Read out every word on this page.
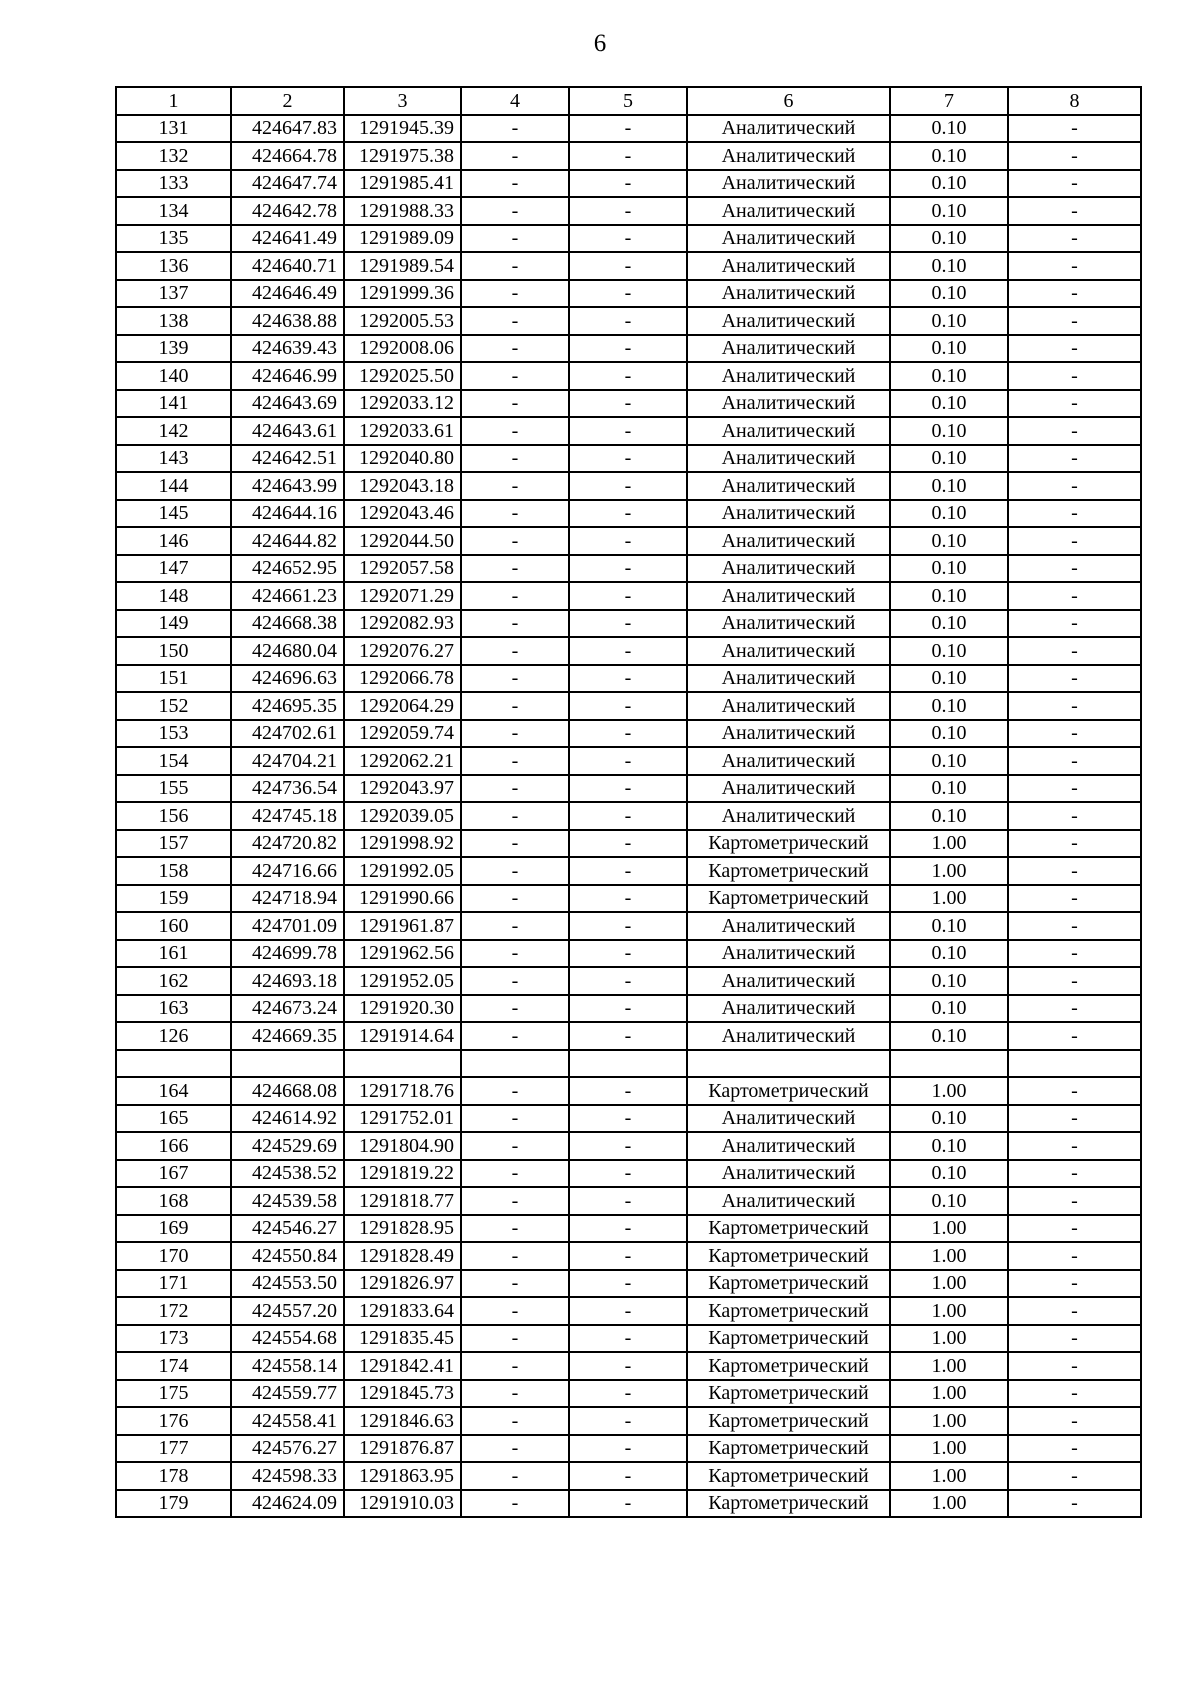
6
1	2	3	4	5	6	7	8
131	424647.83	1291945.39	-	-	Аналитический	0.10	-
132	424664.78	1291975.38	-	-	Аналитический	0.10	-
133	424647.74	1291985.41	-	-	Аналитический	0.10	-
134	424642.78	1291988.33	-	-	Аналитический	0.10	-
135	424641.49	1291989.09	-	-	Аналитический	0.10	-
136	424640.71	1291989.54	-	-	Аналитический	0.10	-
137	424646.49	1291999.36	-	-	Аналитический	0.10	-
138	424638.88	1292005.53	-	-	Аналитический	0.10	-
139	424639.43	1292008.06	-	-	Аналитический	0.10	-
140	424646.99	1292025.50	-	-	Аналитический	0.10	-
141	424643.69	1292033.12	-	-	Аналитический	0.10	-
142	424643.61	1292033.61	-	-	Аналитический	0.10	-
143	424642.51	1292040.80	-	-	Аналитический	0.10	-
144	424643.99	1292043.18	-	-	Аналитический	0.10	-
145	424644.16	1292043.46	-	-	Аналитический	0.10	-
146	424644.82	1292044.50	-	-	Аналитический	0.10	-
147	424652.95	1292057.58	-	-	Аналитический	0.10	-
148	424661.23	1292071.29	-	-	Аналитический	0.10	-
149	424668.38	1292082.93	-	-	Аналитический	0.10	-
150	424680.04	1292076.27	-	-	Аналитический	0.10	-
151	424696.63	1292066.78	-	-	Аналитический	0.10	-
152	424695.35	1292064.29	-	-	Аналитический	0.10	-
153	424702.61	1292059.74	-	-	Аналитический	0.10	-
154	424704.21	1292062.21	-	-	Аналитический	0.10	-
155	424736.54	1292043.97	-	-	Аналитический	0.10	-
156	424745.18	1292039.05	-	-	Аналитический	0.10	-
157	424720.82	1291998.92	-	-	Картометрический	1.00	-
158	424716.66	1291992.05	-	-	Картометрический	1.00	-
159	424718.94	1291990.66	-	-	Картометрический	1.00	-
160	424701.09	1291961.87	-	-	Аналитический	0.10	-
161	424699.78	1291962.56	-	-	Аналитический	0.10	-
162	424693.18	1291952.05	-	-	Аналитический	0.10	-
163	424673.24	1291920.30	-	-	Аналитический	0.10	-
126	424669.35	1291914.64	-	-	Аналитический	0.10	-

164	424668.08	1291718.76	-	-	Картометрический	1.00	-
165	424614.92	1291752.01	-	-	Аналитический	0.10	-
166	424529.69	1291804.90	-	-	Аналитический	0.10	-
167	424538.52	1291819.22	-	-	Аналитический	0.10	-
168	424539.58	1291818.77	-	-	Аналитический	0.10	-
169	424546.27	1291828.95	-	-	Картометрический	1.00	-
170	424550.84	1291828.49	-	-	Картометрический	1.00	-
171	424553.50	1291826.97	-	-	Картометрический	1.00	-
172	424557.20	1291833.64	-	-	Картометрический	1.00	-
173	424554.68	1291835.45	-	-	Картометрический	1.00	-
174	424558.14	1291842.41	-	-	Картометрический	1.00	-
175	424559.77	1291845.73	-	-	Картометрический	1.00	-
176	424558.41	1291846.63	-	-	Картометрический	1.00	-
177	424576.27	1291876.87	-	-	Картометрический	1.00	-
178	424598.33	1291863.95	-	-	Картометрический	1.00	-
179	424624.09	1291910.03	-	-	Картометрический	1.00	-
